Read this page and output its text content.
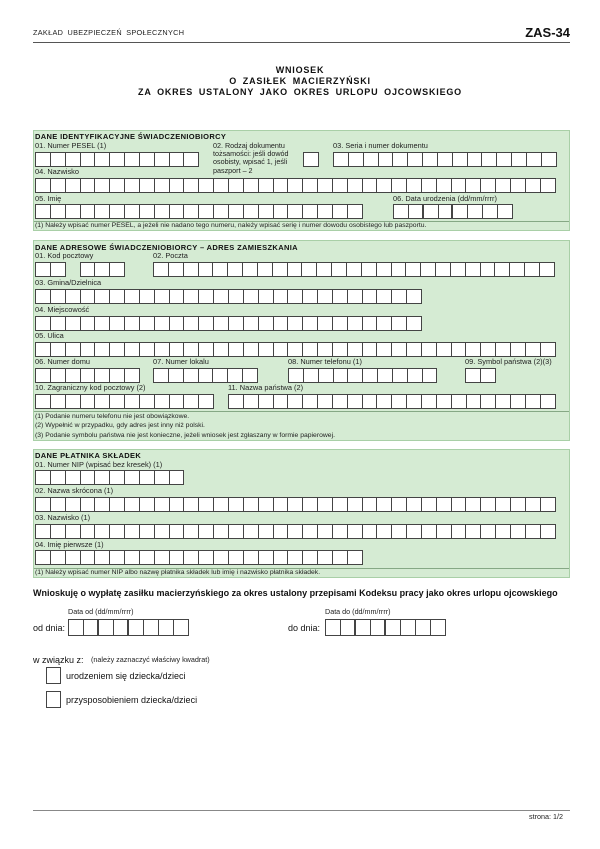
ZAKŁAD UBEZPIECZEŃ SPOŁECZNYCH	ZAS-34
WNIOSEK
O ZASIŁEK MACIERZYŃSKI
ZA OKRES USTALONY JAKO OKRES URLOPU OJCOWSKIEGO
DANE IDENTYFIKACYJNE ŚWIADCZENIOBIORCY
01. Numer PESEL (1)	02. Rodzaj dokumentu
tożsamości: jeśli dowód
osobisty, wpisać 1, jeśli
paszport – 2
03. Seria i numer dokumentu
04. Nazwisko
05. Imię	06. Data urodzenia (dd/mm/rrrr)
(1) Należy wpisać numer PESEL, a jeżeli nie nadano tego numeru, należy wpisać serię i numer dowodu osobistego lub paszportu.
DANE ADRESOWE ŚWIADCZENIOBIORCY – ADRES ZAMIESZKANIA
01. Kod pocztowy	02. Poczta
03. Gmina/Dzielnica
04. Miejscowość
05. Ulica
06. Numer domu	07. Numer lokalu	08. Numer telefonu (1)	09. Symbol państwa (2)(3)
10. Zagraniczny kod pocztowy (2)	11. Nazwa państwa (2)
(1) Podanie numeru telefonu nie jest obowiązkowe.
(2) Wypełnić w przypadku, gdy adres jest inny niż polski.
(3) Podanie symbolu państwa nie jest konieczne, jeżeli wniosek jest zgłaszany w formie papierowej.
DANE PŁATNIKA SKŁADEK
01. Numer NIP (wpisać bez kresek) (1)
02. Nazwa skrócona (1)
03. Nazwisko (1)
04. Imię pierwsze (1)
(1) Należy wpisać numer NIP albo nazwę płatnika składek lub imię i nazwisko płatnika składek.
Wnioskuję o wypłatę zasiłku macierzyńskiego za okres ustalony przepisami Kodeksu pracy jako okres urlopu ojcowskiego
Data od (dd/mm/rrrr)
od dnia:
Data do (dd/mm/rrrr)
do dnia:
w związku z: (należy zaznaczyć właściwy kwadrat)
urodzeniem się dziecka/dzieci
przysposobieniem dziecka/dzieci
strona: 1/2
